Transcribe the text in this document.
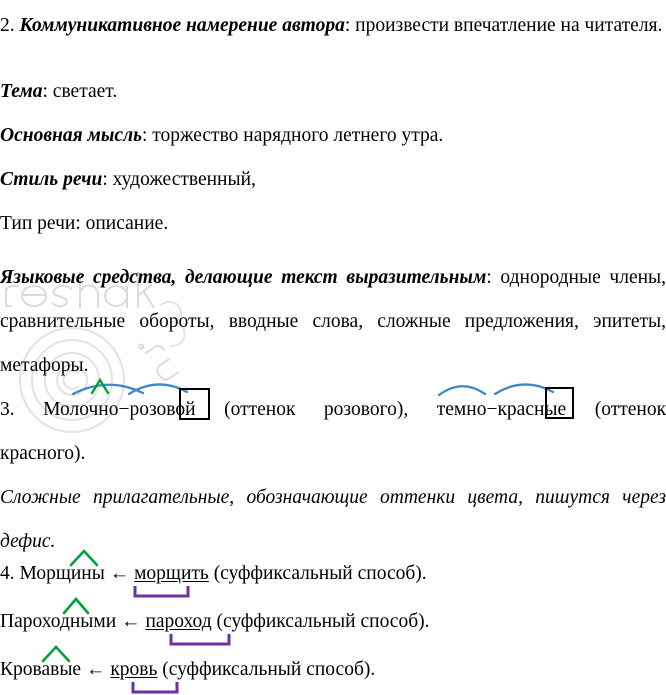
2. Коммуникативное намерение автора: произвести впечатление на читателя.
Тема: светает.
Основная мысль: торжество нарядного летнего утра.
Стиль речи: художественный,
Тип речи: описание.
Языковые средства, делающие текст выразительным: однородные члены, сравнительные обороты, вводные слова, сложные предложения, эпитеты, метафоры.
3. Молочно−розовой (оттенок розового), темно−красные (оттенок красного).
Сложные прилагательные, обозначающие оттенки цвета, пишутся через дефис.
4. Морщины ← морщить (суффиксальный способ).
Пароходными ← пароход (суффиксальный способ).
Кровавые ← кровь (суффиксальный способ).
